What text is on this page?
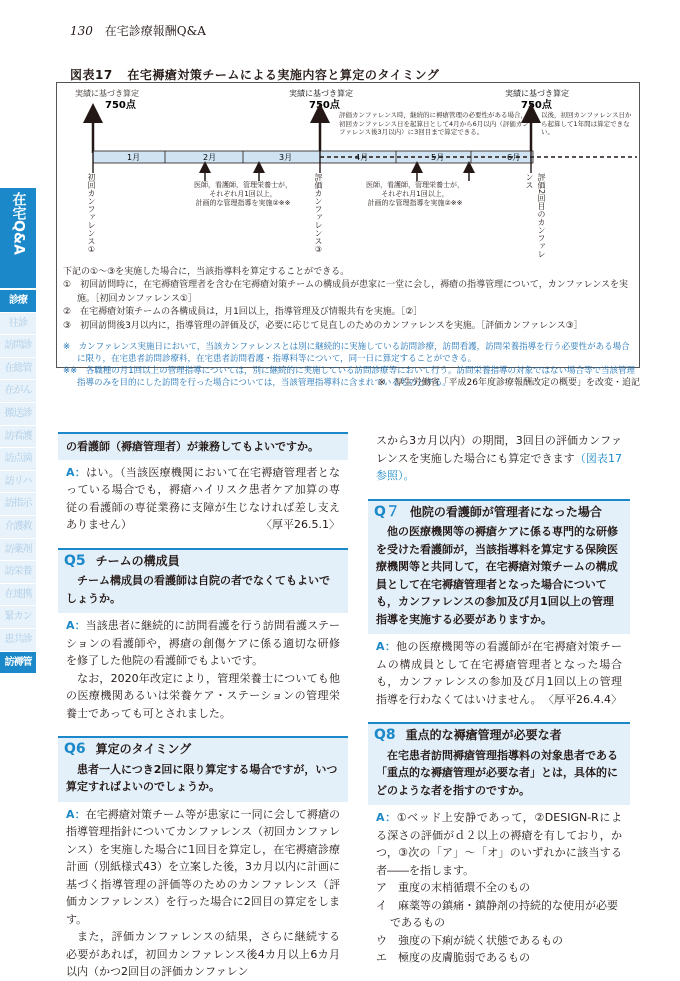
130 在宅診療報酬Q&A
図表17 在宅褥瘡対策チームによる実施内容と算定のタイミング
実績に基づき算定
750点
実績に基づき算定
750点
実績に基づき算定
750点
1月	2月	3月	4月	5月	6月
評価カンファレンス時，継続的に褥瘡管理の必要性がある場合，初回カンファレンス日を起算日として4月から6月以内（評価カンファレンス後3月以内）に3回目まで算定できる。
以後，初回カンファレンス日から起算して1年間は算定できない。
医師，看護師，管理栄養士が，
それぞれ月1回以上，
計画的な管理指導を実施②※※
医師，看護師，管理栄養士が，
それぞれ月1回以上，
計画的な管理指導を実施②※※
初回カンファレンス①	評価カンファレンス③	評価2回目のカンファレンス

下記の①～③を実施した場合に，当該指導料を算定することができる。

①　初回訪問時に，在宅褥瘡管理者を含む在宅褥瘡対策チームの構成員が患家に一堂に会し，褥瘡の指導管理について，カンファレンスを実施。［初回カンファレンス①］

②　在宅褥瘡対策チームの各構成員は，月1回以上，指導管理及び情報共有を実施。［②］

③　初回訪問後3月以内に，指導管理の評価及び，必要に応じて見直しのためのカンファレンスを実施。［評価カンファレンス③］

※　カンファレンス実施日において，当該カンファレンスとは別に継続的に実施している訪問診療，訪問看護，訪問栄養指導を行う必要性がある場合に限り，在宅患者訪問診療料，在宅患者訪問看護・指導料等について，同一日に算定することができる。

※※　各職種の月1回以上の管理指導については，別に継続的に実施している訪問診療等において行う。訪問栄養指導の対象ではない場合等で当該管理指導のみを目的にした訪問を行った場合については，当該管理指導料に含まれているものとする。

※　厚生労働省「平成26年度診療報酬改定の概要」を改変・追記
在宅Q&A
診療
往診
訪問診
在総管
在がん
搬送診
訪看護
訪点滴
訪リハ
訪指示
介護救
訪薬剤
訪栄養
在連携
緊カン
患共診
訪褥管
の看護師（褥瘡管理者）が兼務してもよいですか。
A：はい。（当該医療機関において在宅褥瘡管理者となっている場合でも，褥瘡ハイリスク患者ケア加算の専従の看護師の専従業務に支障が生じなければ差し支えありません）	〈厚平26.5.1〉
Q5 チームの構成員
チーム構成員の看護師は自院の者でなくてもよいでしょうか。
A：当該患者に継続的に訪問看護を行う訪問看護ステーションの看護師や，褥瘡の創傷ケアに係る適切な研修を修了した他院の看護師でもよいです。
なお，2020年改定により，管理栄養士についても他の医療機関あるいは栄養ケア・ステーションの管理栄養士であっても可とされました。
Q6 算定のタイミング
患者一人につき2回に限り算定する場合ですが，いつ算定すればよいのでしょうか。
A：在宅褥瘡対策チーム等が患家に一同に会して褥瘡の指導管理指針についてカンファレンス（初回カンファレンス）を実施した場合に1回目を算定し，在宅褥瘡診療計画（別紙様式43）を立案した後，3カ月以内に計画に基づく指導管理の評価等のためのカンファレンス（評価カンファレンス）を行った場合に2回目の算定をします。
また，評価カンファレンスの結果，さらに継続する必要があれば，初回カンファレンス後4カ月以上6カ月以内（かつ2回目の評価カンファレン
スから3カ月以内）の期間，3回目の評価カンファレンスを実施した場合にも算定できます（図表17参照）。
Q７ 他院の看護師が管理者になった場合
他の医療機関等の褥瘡ケアに係る専門的な研修を受けた看護師が，当該指導料を算定する保険医療機関等と共同して，在宅褥瘡対策チームの構成員として在宅褥瘡管理者となった場合についても，カンファレンスの参加及び月1回以上の管理指導を実施する必要がありますか。
A：他の医療機関等の看護師が在宅褥瘡対策チームの構成員として在宅褥瘡管理者となった場合も，カンファレンスの参加及び月1回以上の管理指導を行わなくてはいけません。 〈厚平26.4.4〉
Q8 重点的な褥瘡管理が必要な者
在宅患者訪問褥瘡管理指導料の対象患者である「重点的な褥瘡管理が必要な者」とは，具体的にどのような者を指すのですか。
A：①ベッド上安静であって，②DESIGN-Rによる深さの評価がｄ２以上の褥瘡を有しており，かつ，③次の「ア」～「オ」のいずれかに該当する者――を指します。
ア　重度の末梢循環不全のもの
イ　麻薬等の鎮痛・鎮静剤の持続的な使用が必要であるもの
ウ　強度の下痢が続く状態であるもの
エ　極度の皮膚脆弱であるもの
